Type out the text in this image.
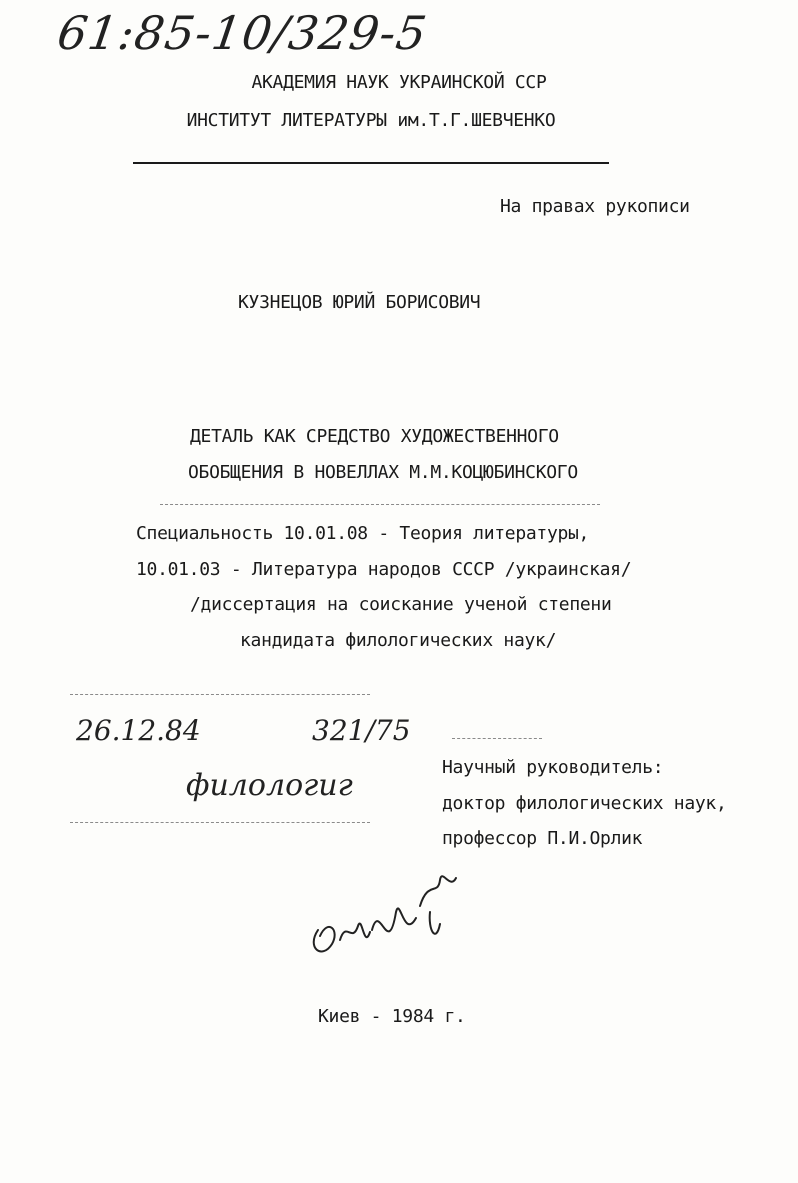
61:85-10/329-5
АКАДЕМИЯ НАУК УКРАИНСКОЙ ССР
ИНСТИТУТ ЛИТЕРАТУРЫ им.Т.Г.ШЕВЧЕНКО
На правах рукописи
КУЗНЕЦОВ ЮРИЙ БОРИСОВИЧ
ДЕТАЛЬ КАК СРЕДСТВО ХУДОЖЕСТВЕННОГО
ОБОБЩЕНИЯ В НОВЕЛЛАХ М.М.КОЦЮБИНСКОГО
Специальность 10.01.08 - Теория литературы,
10.01.03 - Литература народов СССР /украинская/
/диссертация на соискание ученой степени
кандидата филологических наук/
26.12.84	321/75
филологиг
Научный руководитель:
доктор филологических наук,
профессор П.И.Орлик
Киев - 1984 г.
